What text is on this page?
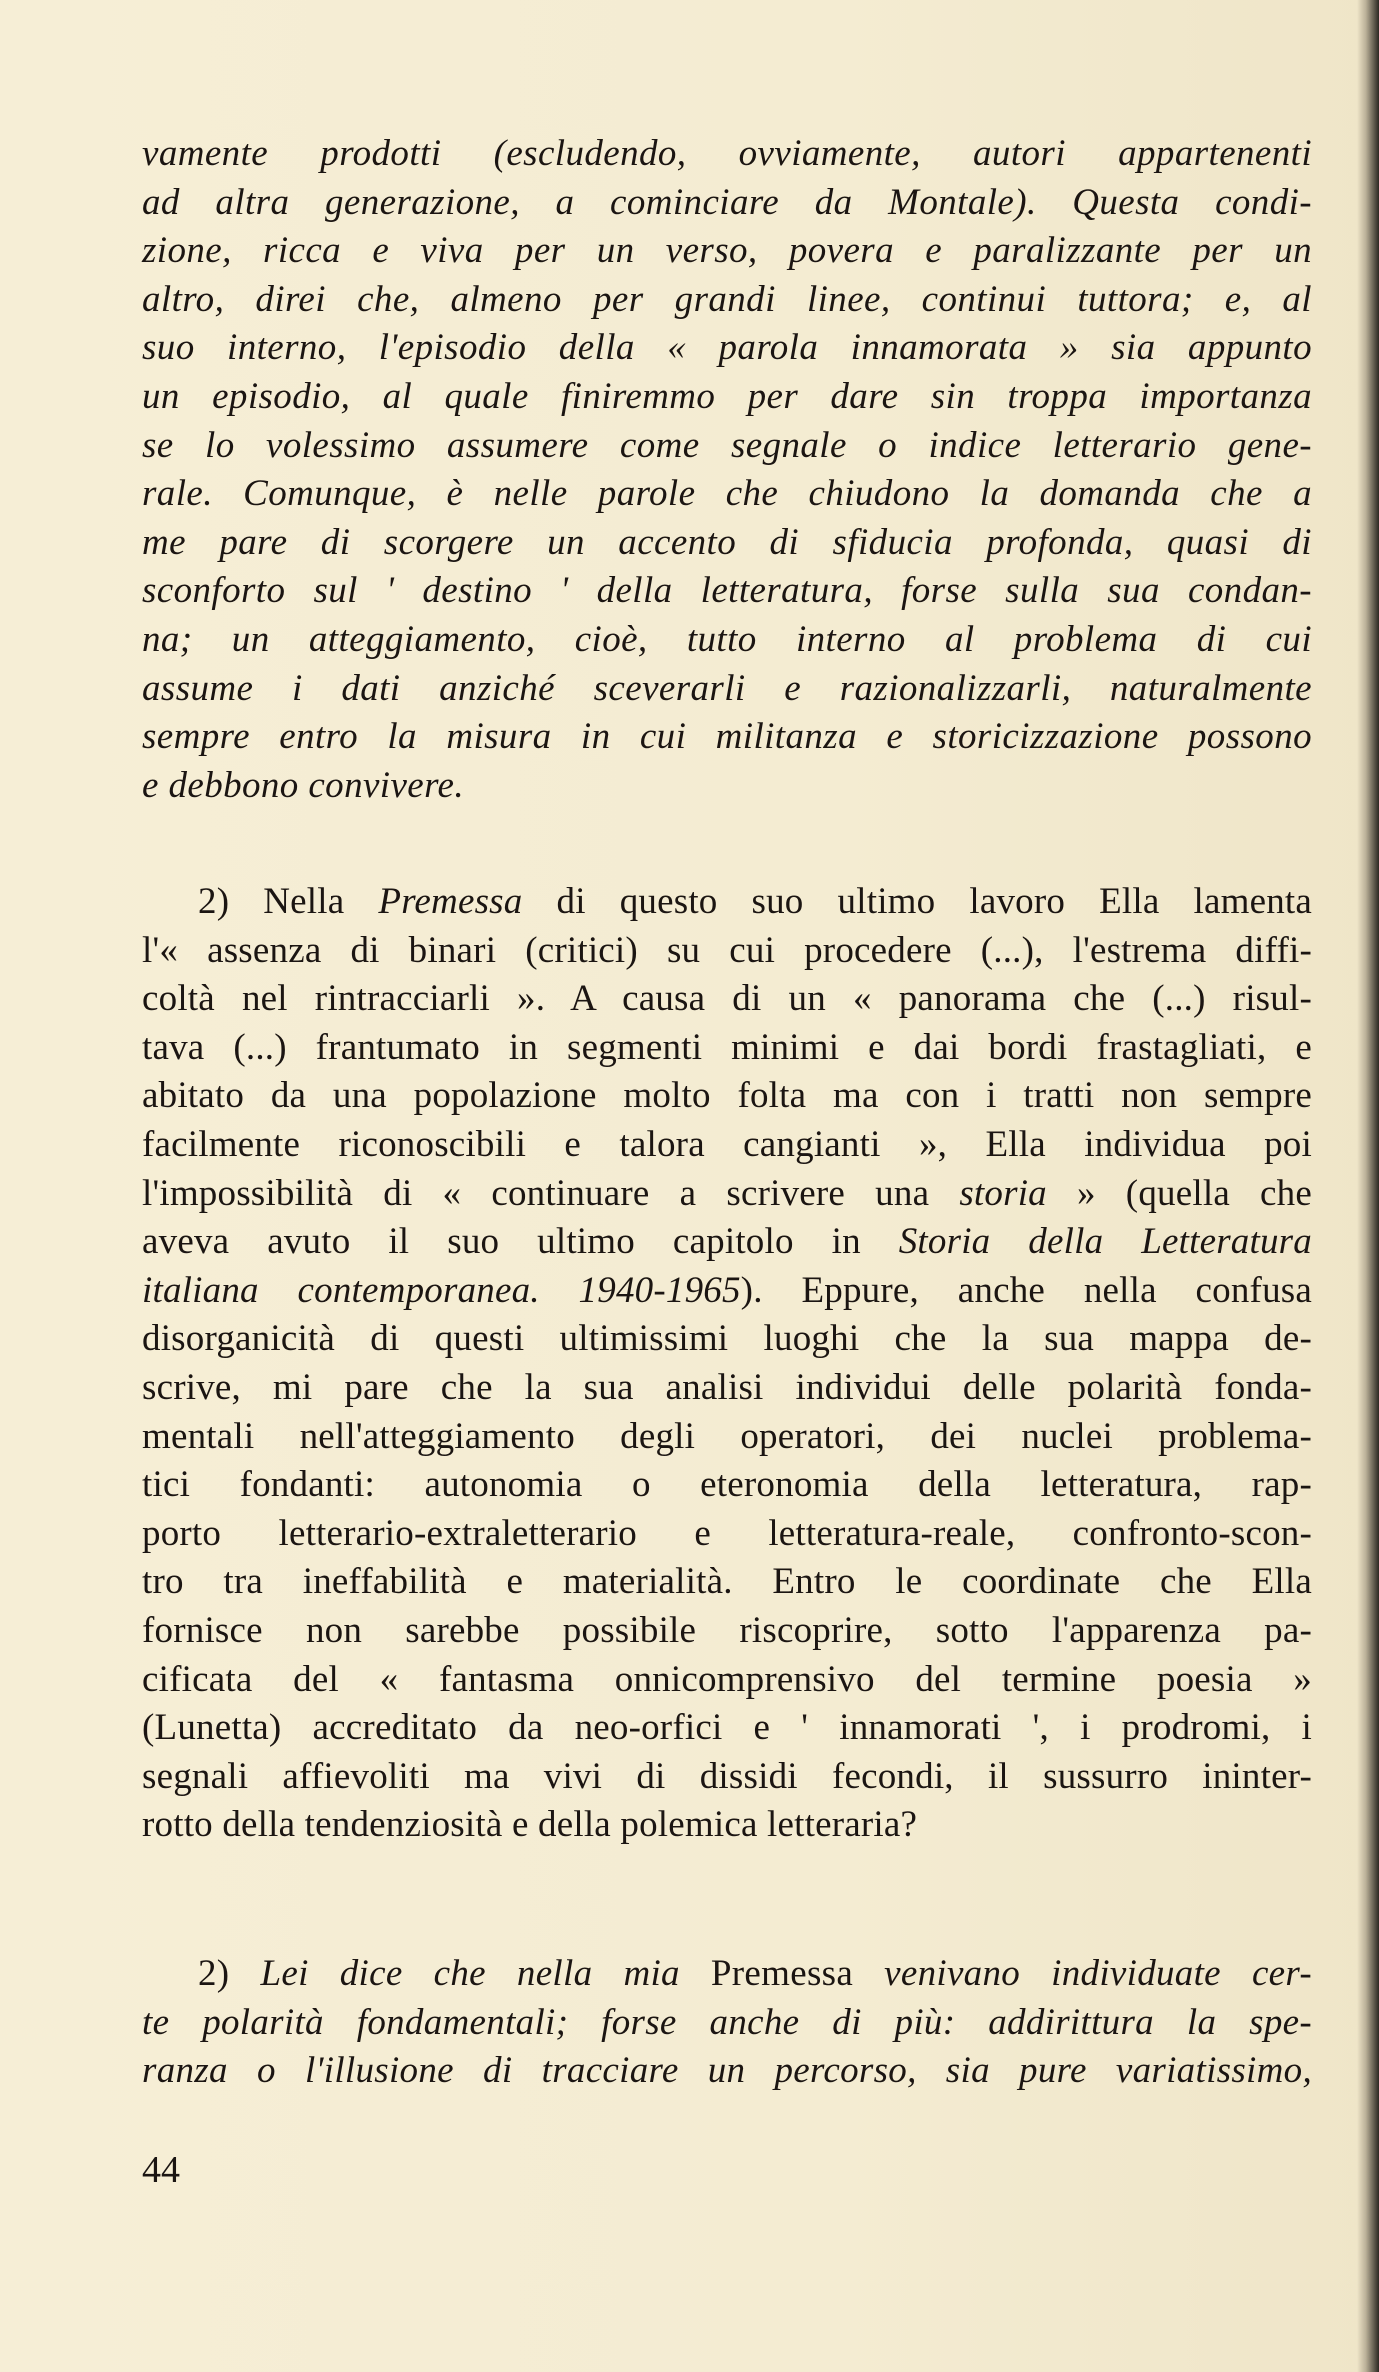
vamente prodotti (escludendo, ovviamente, autori appartenenti
ad altra generazione, a cominciare da Montale). Questa condi-
zione, ricca e viva per un verso, povera e paralizzante per un
altro, direi che, almeno per grandi linee, continui tuttora; e, al
suo interno, l'episodio della « parola innamorata » sia appunto
un episodio, al quale finiremmo per dare sin troppa importanza
se lo volessimo assumere come segnale o indice letterario gene-
rale. Comunque, è nelle parole che chiudono la domanda che a
me pare di scorgere un accento di sfiducia profonda, quasi di
sconforto sul ' destino ' della letteratura, forse sulla sua condan-
na; un atteggiamento, cioè, tutto interno al problema di cui
assume i dati anziché sceverarli e razionalizzarli, naturalmente
sempre entro la misura in cui militanza e storicizzazione possono
e debbono convivere.
2) Nella Premessa di questo suo ultimo lavoro Ella lamenta
l'« assenza di binari (critici) su cui procedere (...), l'estrema diffi-
coltà nel rintracciarli ». A causa di un « panorama che (...) risul-
tava (...) frantumato in segmenti minimi e dai bordi frastagliati, e
abitato da una popolazione molto folta ma con i tratti non sempre
facilmente riconoscibili e talora cangianti », Ella individua poi
l'impossibilità di « continuare a scrivere una storia » (quella che
aveva avuto il suo ultimo capitolo in Storia della Letteratura
italiana contemporanea. 1940-1965). Eppure, anche nella confusa
disorganicità di questi ultimissimi luoghi che la sua mappa de-
scrive, mi pare che la sua analisi individui delle polarità fonda-
mentali nell'atteggiamento degli operatori, dei nuclei problema-
tici fondanti: autonomia o eteronomia della letteratura, rap-
porto letterario-extraletterario e letteratura-reale, confronto-scon-
tro tra ineffabilità e materialità. Entro le coordinate che Ella
fornisce non sarebbe possibile riscoprire, sotto l'apparenza pa-
cificata del « fantasma onnicomprensivo del termine poesia »
(Lunetta) accreditato da neo-orfici e ' innamorati ', i prodromi, i
segnali affievoliti ma vivi di dissidi fecondi, il sussurro ininter-
rotto della tendenziosità e della polemica letteraria?
2) Lei dice che nella mia Premessa venivano individuate cer-
te polarità fondamentali; forse anche di più: addirittura la spe-
ranza o l'illusione di tracciare un percorso, sia pure variatissimo,
44
